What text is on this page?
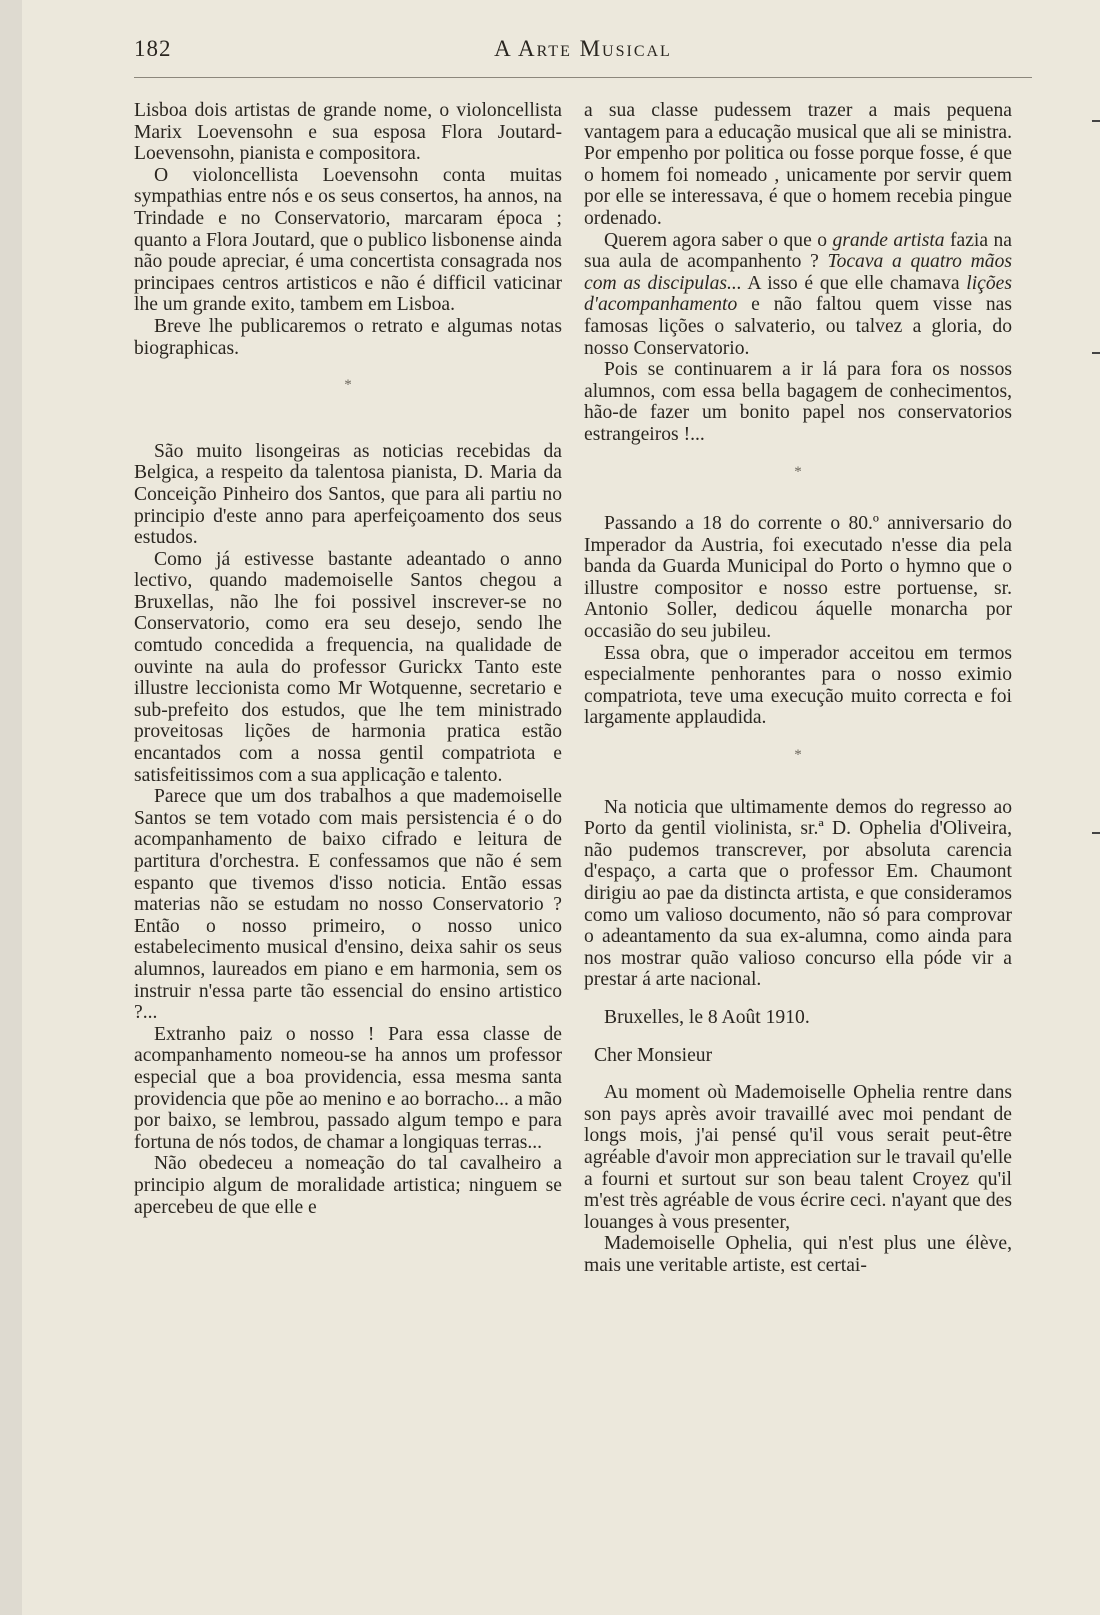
182	A Arte Musical

Lisboa dois artistas de grande nome, o violoncellista Marix Loevensohn e sua esposa Flora Joutard-Loevensohn, pianista e compositora.

O violoncellista Loevensohn conta muitas sympathias entre nós e os seus consertos, ha annos, na Trindade e no Conservatorio, marcaram época ; quanto a Flora Joutard, que o publico lisbonense ainda não poude apreciar, é uma concertista consagrada nos principaes centros artisticos e não é difficil vaticinar lhe um grande exito, tambem em Lisboa.

Breve lhe publicaremos o retrato e algumas notas biographicas.

*

São muito lisongeiras as noticias recebidas da Belgica, a respeito da talentosa pianista, D. Maria da Conceição Pinheiro dos Santos, que para ali partiu no principio d'este anno para aperfeiçoamento dos seus estudos.

Como já estivesse bastante adeantado o anno lectivo, quando mademoiselle Santos chegou a Bruxellas, não lhe foi possivel inscrever-se no Conservatorio, como era seu desejo, sendo lhe comtudo concedida a frequencia, na qualidade de ouvinte na aula do professor Gurickx Tanto este illustre leccionista como Mr Wotquenne, secretario e sub-prefeito dos estudos, que lhe tem ministrado proveitosas lições de harmonia pratica estão encantados com a nossa gentil compatriota e satisfeitissimos com a sua applicação e talento.

Parece que um dos trabalhos a que mademoiselle Santos se tem votado com mais persistencia é o do acompanhamento de baixo cifrado e leitura de partitura d'orchestra. E confessamos que não é sem espanto que tivemos d'isso noticia. Então essas materias não se estudam no nosso Conservatorio ? Então o nosso primeiro, o nosso unico estabelecimento musical d'ensino, deixa sahir os seus alumnos, laureados em piano e em harmonia, sem os instruir n'essa parte tão essencial do ensino artistico ?...

Extranho paiz o nosso ! Para essa classe de acompanhamento nomeou-se ha annos um professor especial que a boa providencia, essa mesma santa providencia que põe ao menino e ao borracho... a mão por baixo, se lembrou, passado algum tempo e para fortuna de nós todos, de chamar a longiquas terras...

Não obedeceu a nomeação do tal cavalheiro a principio algum de moralidade artistica; ninguem se apercebeu de que elle e

a sua classe pudessem trazer a mais pequena vantagem para a educação musical que ali se ministra. Por empenho por politica ou fosse porque fosse, é que o homem foi nomeado , unicamente por servir quem por elle se interessava, é que o homem recebia pingue ordenado.

Querem agora saber o que o grande artista fazia na sua aula de acompanhento ? Tocava a quatro mãos com as discipulas... A isso é que elle chamava lições d'acompanhamento e não faltou quem visse nas famosas lições o salvaterio, ou talvez a gloria, do nosso Conservatorio.

Pois se continuarem a ir lá para fora os nossos alumnos, com essa bella bagagem de conhecimentos, hão-de fazer um bonito papel nos conservatorios estrangeiros !...

*

Passando a 18 do corrente o 80.º anniversario do Imperador da Austria, foi executado n'esse dia pela banda da Guarda Municipal do Porto o hymno que o illustre compositor e nosso estre portuense, sr. Antonio Soller, dedicou áquelle monarcha por occasião do seu jubileu.

Essa obra, que o imperador acceitou em termos especialmente penhorantes para o nosso eximio compatriota, teve uma execução muito correcta e foi largamente applaudida.

*

Na noticia que ultimamente demos do regresso ao Porto da gentil violinista, sr.ª D. Ophelia d'Oliveira, não pudemos transcrever, por absoluta carencia d'espaço, a carta que o professor Em. Chaumont dirigiu ao pae da distincta artista, e que consideramos como um valioso documento, não só para comprovar o adeantamento da sua ex-alumna, como ainda para nos mostrar quão valioso concurso ella póde vir a prestar á arte nacional.

Bruxelles, le 8 Août 1910.

Cher Monsieur

Au moment où Mademoiselle Ophelia rentre dans son pays après avoir travaillé avec moi pendant de longs mois, j'ai pensé qu'il vous serait peut-être agréable d'avoir mon appreciation sur le travail qu'elle a fourni et surtout sur son beau talent Croyez qu'il m'est très agréable de vous écrire ceci. n'ayant que des louanges à vous presenter,

Mademoiselle Ophelia, qui n'est plus une élève, mais une veritable artiste, est certai-
